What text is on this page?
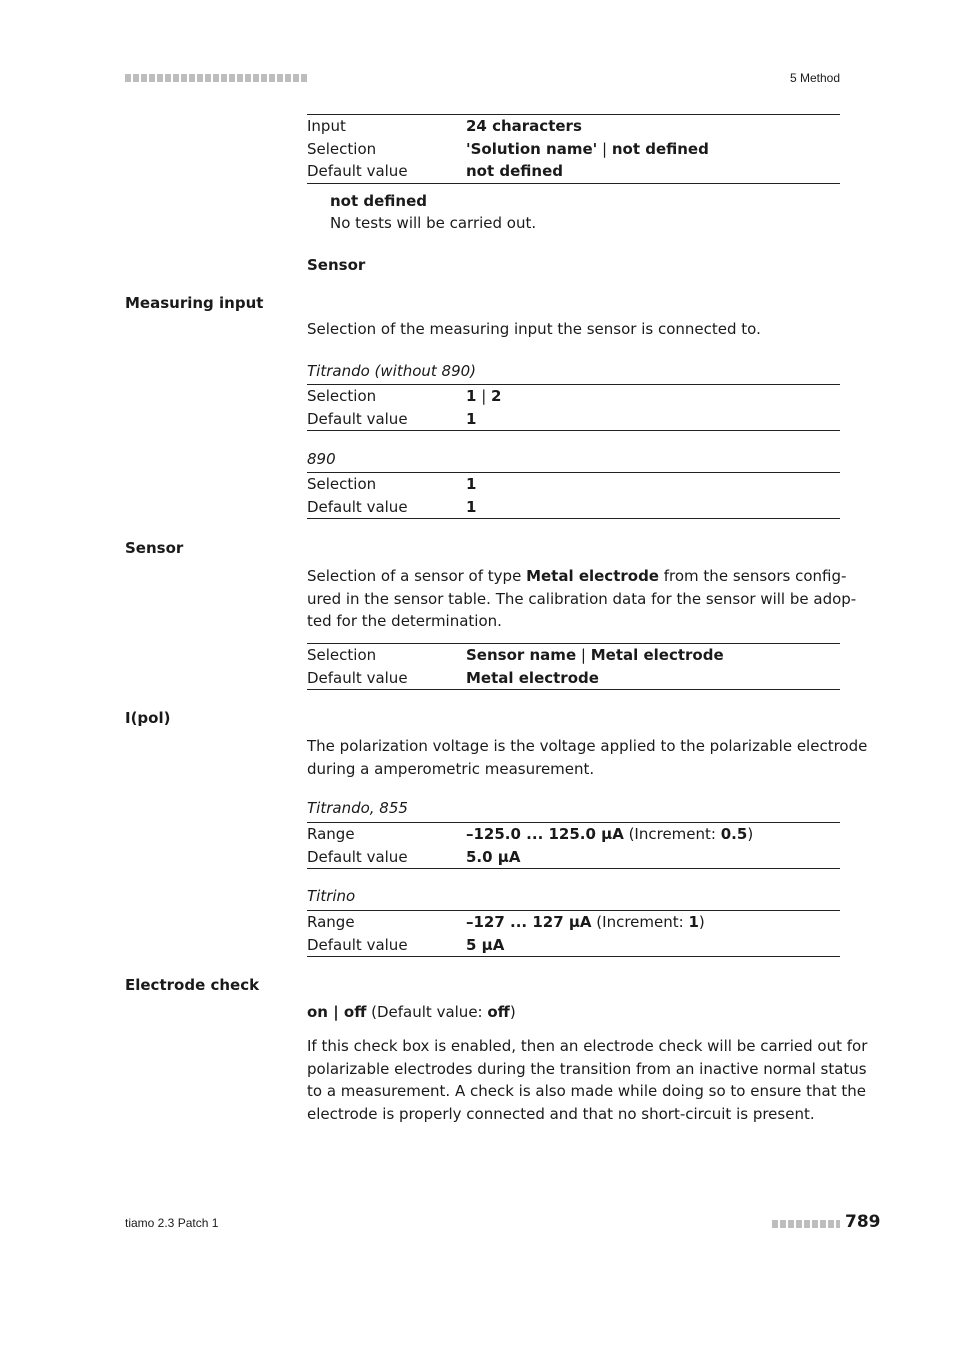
5 Method
Input	24 characters
Selection	'Solution name' | not defined
Default value	not defined
not defined
No tests will be carried out.
Sensor
Measuring input
Selection of the measuring input the sensor is connected to.
Titrando (without 890)
Selection	1 | 2
Default value	1
890
Selection	1
Default value	1
Sensor
Selection of a sensor of type Metal electrode from the sensors config-
ured in the sensor table. The calibration data for the sensor will be adop-
ted for the determination.
Selection	Sensor name | Metal electrode
Default value	Metal electrode
I(pol)
The polarization voltage is the voltage applied to the polarizable electrode
during a amperometric measurement.
Titrando, 855
Range	–125.0 ... 125.0 µA (Increment: 0.5)
Default value	5.0 µA
Titrino
Range	–127 ... 127 µA (Increment: 1)
Default value	5 µA
Electrode check
on | off (Default value: off)
If this check box is enabled, then an electrode check will be carried out for
polarizable electrodes during the transition from an inactive normal status
to a measurement. A check is also made while doing so to ensure that the
electrode is properly connected and that no short-circuit is present.
tiamo 2.3 Patch 1	789
